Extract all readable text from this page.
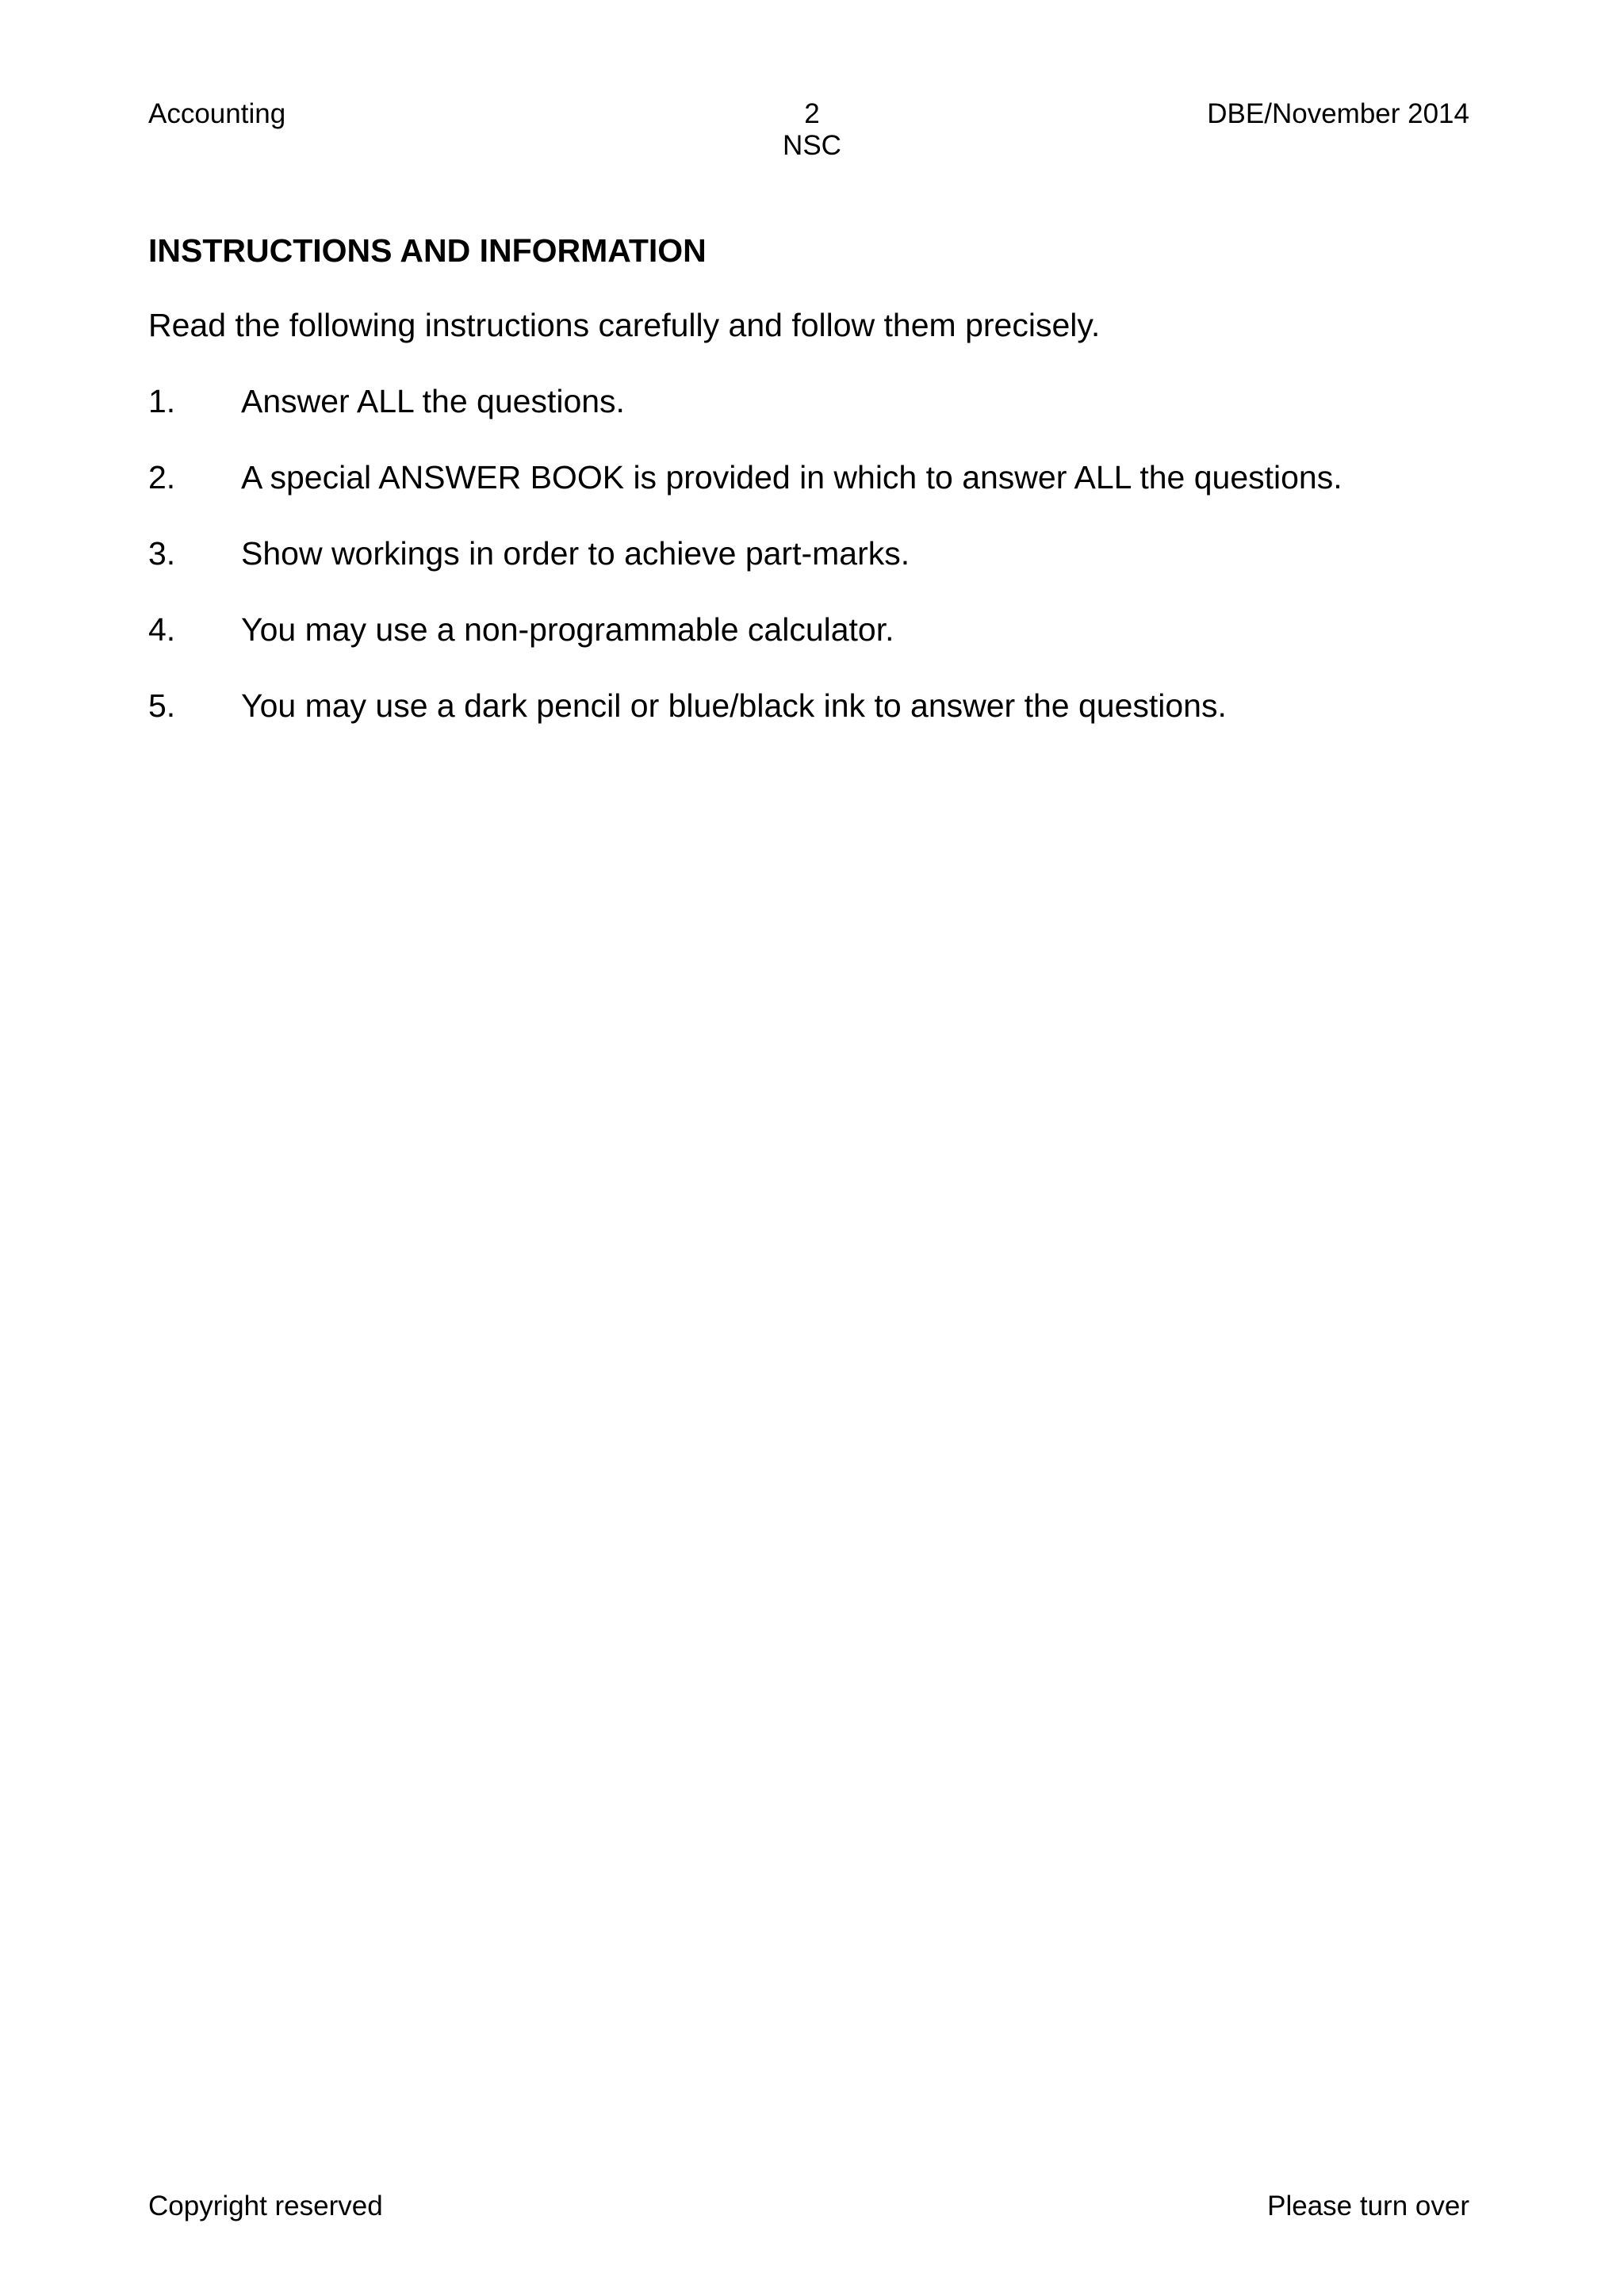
Accounting	2
NSC
DBE/November 2014
INSTRUCTIONS AND INFORMATION
Read the following instructions carefully and follow them precisely.
1. Answer ALL the questions.
2. A special ANSWER BOOK is provided in which to answer ALL the questions.
3. Show workings in order to achieve part-marks.
4. You may use a non-programmable calculator.
5. You may use a dark pencil or blue/black ink to answer the questions.
Copyright reserved	Please turn over
